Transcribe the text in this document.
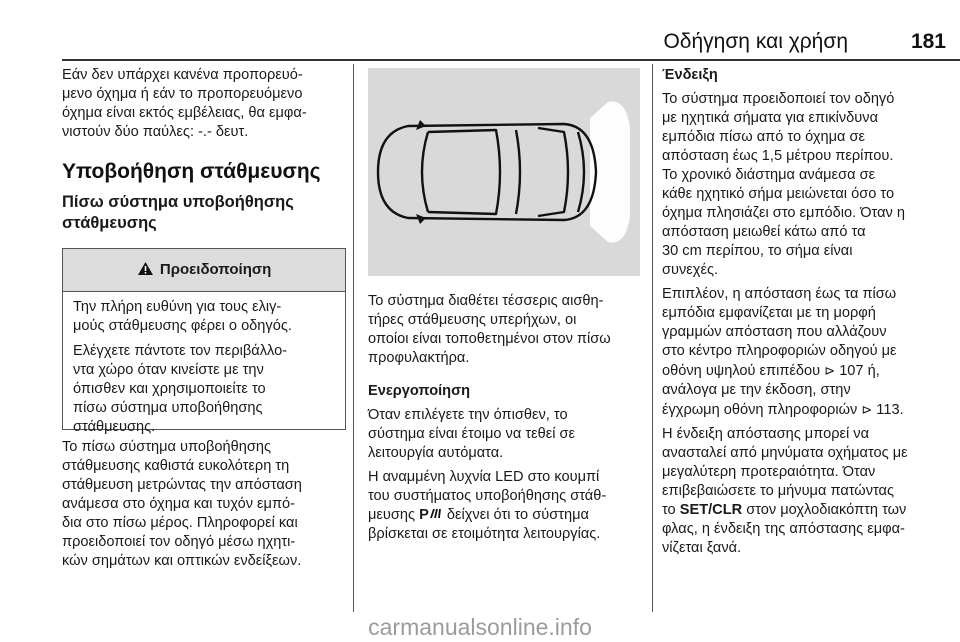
Οδήγηση και χρήση	181

Εάν δεν υπάρχει κανένα προπορευό-
μενο όχημα ή εάν το προπορευόμενο
όχημα είναι εκτός εμβέλειας, θα εμφα-
νιστούν δύο παύλες: -.- δευτ.

Υποβοήθηση στάθμευσης
Πίσω σύστημα υποβοήθησης
στάθμευσης
Προειδοποίηση

Την πλήρη ευθύνη για τους ελιγ-
μούς στάθμευσης φέρει ο οδηγός.

Ελέγχετε πάντοτε τον περιβάλλο-
ντα χώρο όταν κινείστε με την
όπισθεν και χρησιμοποιείτε το
πίσω σύστημα υποβοήθησης
στάθμευσης.

Το πίσω σύστημα υποβοήθησης
στάθμευσης καθιστά ευκολότερη τη
στάθμευση μετρώντας την απόσταση
ανάμεσα στο όχημα και τυχόν εμπό-
δια στο πίσω μέρος. Πληροφορεί και
προειδοποιεί τον οδηγό μέσω ηχητι-
κών σημάτων και οπτικών ενδείξεων.

Το σύστημα διαθέτει τέσσερις αισθη-
τήρες στάθμευσης υπερήχων, οι
οποίοι είναι τοποθετημένοι στον πίσω
προφυλακτήρα.

Ενεργοποίηση

Όταν επιλέγετε την όπισθεν, το
σύστημα είναι έτοιμο να τεθεί σε
λειτουργία αυτόματα.

Η αναμμένη λυχνία LED στο κουμπί
του συστήματος υποβοήθησης στάθ-
μευσης P δείχνει ότι το σύστημα
βρίσκεται σε ετοιμότητα λειτουργίας.

Ένδειξη

Το σύστημα προειδοποιεί τον οδηγό
με ηχητικά σήματα για επικίνδυνα
εμπόδια πίσω από το όχημα σε
απόσταση έως 1,5 μέτρου περίπου.
Το χρονικό διάστημα ανάμεσα σε
κάθε ηχητικό σήμα μειώνεται όσο το
όχημα πλησιάζει στο εμπόδιο. Όταν η
απόσταση μειωθεί κάτω από τα
30 cm περίπου, το σήμα είναι
συνεχές.

Επιπλέον, η απόσταση έως τα πίσω
εμπόδια εμφανίζεται με τη μορφή
γραμμών απόσταση που αλλάζουν
στο κέντρο πληροφοριών οδηγού με
οθόνη υψηλού επιπέδου ⊳ 107 ή,
ανάλογα με την έκδοση, στην
έγχρωμη οθόνη πληροφοριών ⊳ 113.

Η ένδειξη απόστασης μπορεί να
ανασταλεί από μηνύματα οχήματος με
μεγαλύτερη προτεραιότητα. Όταν
επιβεβαιώσετε το μήνυμα πατώντας
το SET/CLR στον μοχλοδιακόπτη των
φλας, η ένδειξη της απόστασης εμφα-
νίζεται ξανά.

carmanualsonline.info
